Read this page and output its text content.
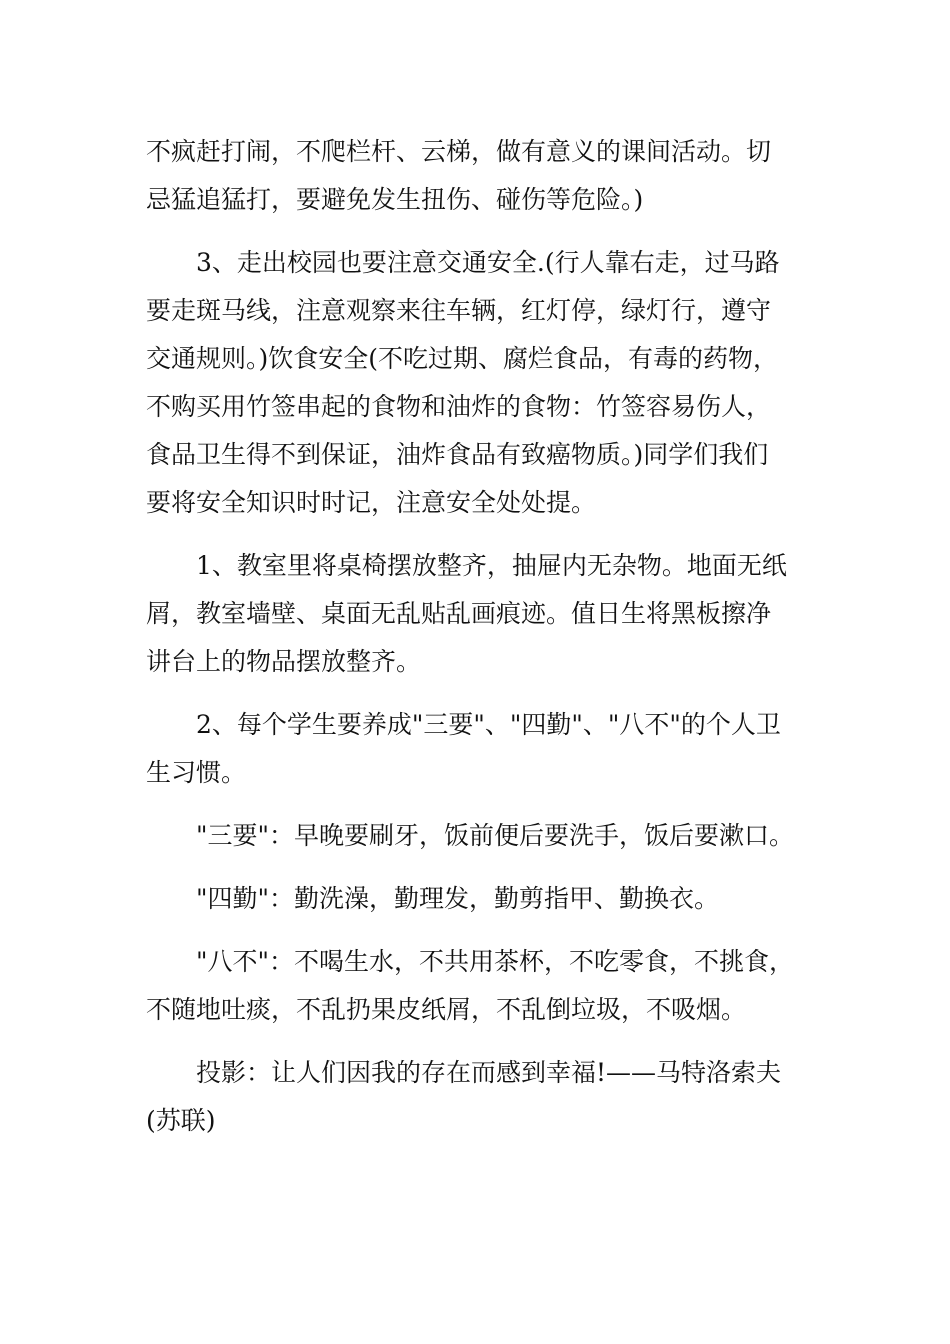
不疯赶打闹，不爬栏杆、云梯，做有意义的课间活动。切
忌猛追猛打，要避免发生扭伤、碰伤等危险。)
3、走出校园也要注意交通安全.(行人靠右走，过马路
要走斑马线，注意观察来往车辆，红灯停，绿灯行，遵守
交通规则。)饮食安全(不吃过期、腐烂食品，有毒的药物，
不购买用竹签串起的食物和油炸的食物：竹签容易伤人，
食品卫生得不到保证，油炸食品有致癌物质。)同学们我们
要将安全知识时时记，注意安全处处提。
1、教室里将桌椅摆放整齐，抽屉内无杂物。地面无纸
屑，教室墙壁、桌面无乱贴乱画痕迹。值日生将黑板擦净
讲台上的物品摆放整齐。
2、每个学生要养成"三要"、"四勤"、"八不"的个人卫
生习惯。
"三要"：早晚要刷牙，饭前便后要洗手，饭后要漱口。
"四勤"：勤洗澡，勤理发，勤剪指甲、勤换衣。
"八不"：不喝生水，不共用茶杯，不吃零食，不挑食，
不随地吐痰，不乱扔果皮纸屑，不乱倒垃圾，不吸烟。
投影：让人们因我的存在而感到幸福!——马特洛索夫
(苏联)
